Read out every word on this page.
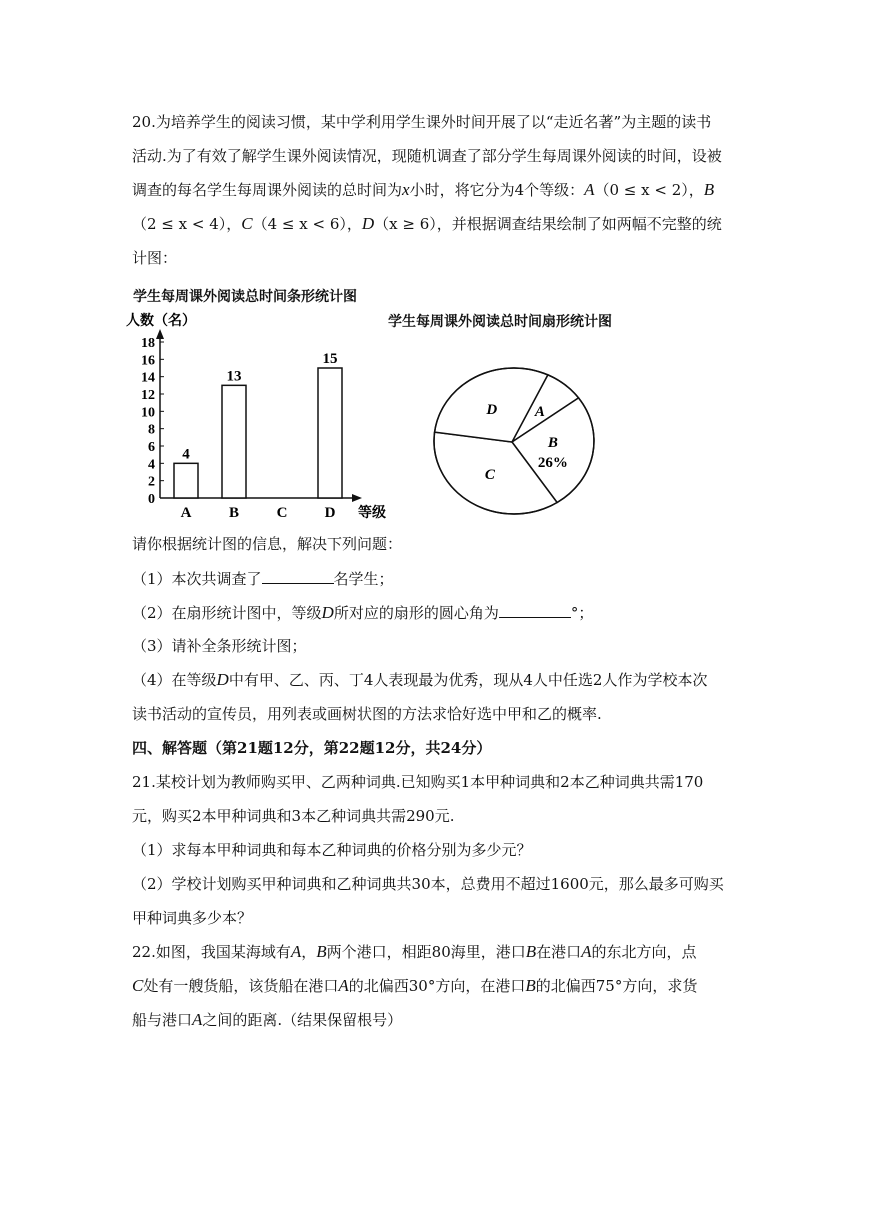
20.为培养学生的阅读习惯，某中学利用学生课外时间开展了以“走近名著”为主题的读书
活动.为了有效了解学生课外阅读情况，现随机调查了部分学生每周课外阅读的时间，设被
调查的每名学生每周课外阅读的总时间为x小时，将它分为4个等级：A（0 ≤ x < 2），B
（2 ≤ x < 4），C（4 ≤ x < 6），D（x ≥ 6），并根据调查结果绘制了如两幅不完整的统
计图：
学生每周课外阅读总时间条形统计图
学生每周课外阅读总时间扇形统计图
人数（名）
等级
0
2
4
6
8
10
12
14
16
18
A
4
B
13
C D
15
A
B
26%
C
D
请你根据统计图的信息，解决下列问题：
（1）本次共调查了	名学生；
（2）在扇形统计图中，等级D所对应的扇形的圆心角为	°；
（3）请补全条形统计图；
（4）在等级D中有甲、乙、丙、丁4人表现最为优秀，现从4人中任选2人作为学校本次
读书活动的宣传员，用列表或画树状图的方法求恰好选中甲和乙的概率.
四、解答题（第21题12分，第22题12分，共24分）
21.某校计划为教师购买甲、乙两种词典.已知购买1本甲种词典和2本乙种词典共需170
元，购买2本甲种词典和3本乙种词典共需290元.
（1）求每本甲种词典和每本乙种词典的价格分别为多少元？
（2）学校计划购买甲种词典和乙种词典共30本，总费用不超过1600元，那么最多可购买
甲种词典多少本？
22.如图，我国某海域有A，B两个港口，相距80海里，港口B在港口A的东北方向，点
C处有一艘货船，该货船在港口A的北偏西30°方向，在港口B的北偏西75°方向，求货
船与港口A之间的距离.（结果保留根号）
